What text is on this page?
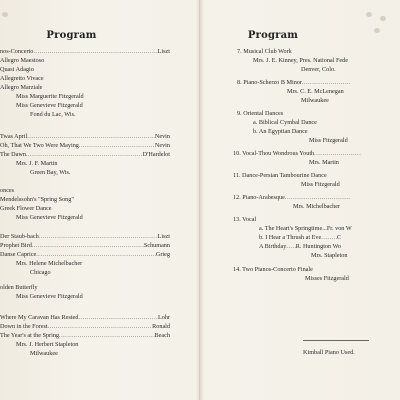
Program
nos-Concerto .....	Liszt
Allegro Maestoso
Quasi Adagio
Allegretto Vivace
Allegro Marziale
Miss Marguerite Fitzgerald
Miss Genevieve Fitzgerald
Fond du Lac, Wis.
Twas April .....	Nevin
Oh, That We Two Were Maying .....	Nevin
The Dawn .....	D'Hardelot
Mrs. J. F. Martin
Green Bay, Wis.
onces
Mendelssohn's "Spring Song"
Greek Flower Dance
Miss Genevieve Fitzgerald
Der Staub-bach .....	Liszt
Prophet Bird .....	Schumann
Danse Caprice .....	Grieg
Mrs. Helene Michelbacher
Chicago
olden Butterfly
Miss Genevieve Fitzgerald
Where My Caravan Has Rested .....	Lohr
Down in the Forest .....	Ronald
The Year's at the Spring .....	Beach
Mrs. J. Herbert Stapleton
Milwaukee
Program
7. Musical Club Work
Mrs. J. E. Kinney, Pres. National Fede
Denver, Colo.
8. Piano-Scherzo B Minor
.....
Mrs. C. E. McLenegan
Milwaukee
9. Oriental Dances
a. Biblical Cymbal Dance
b. An Egyptian Dance
Miss Fitzgerald
10. Vocal-Thou Wondrous Youth
.....
Mrs. Martin
11. Dance-Persian Tambourine Dance
Miss Fitzgerald
12. Piano-Arabesque
.....
Mrs. Michelbacher
13. Vocal
a. The Heart's Springtime...Fr. von W
b. I Hear a Thrush at Eve .....	C
A Birthday ..... R. Huntington Wo
Mrs. Stapleton
14. Two Pianos-Concerto Finale
Misses Fitzgerald
Kimball Piano Used.
